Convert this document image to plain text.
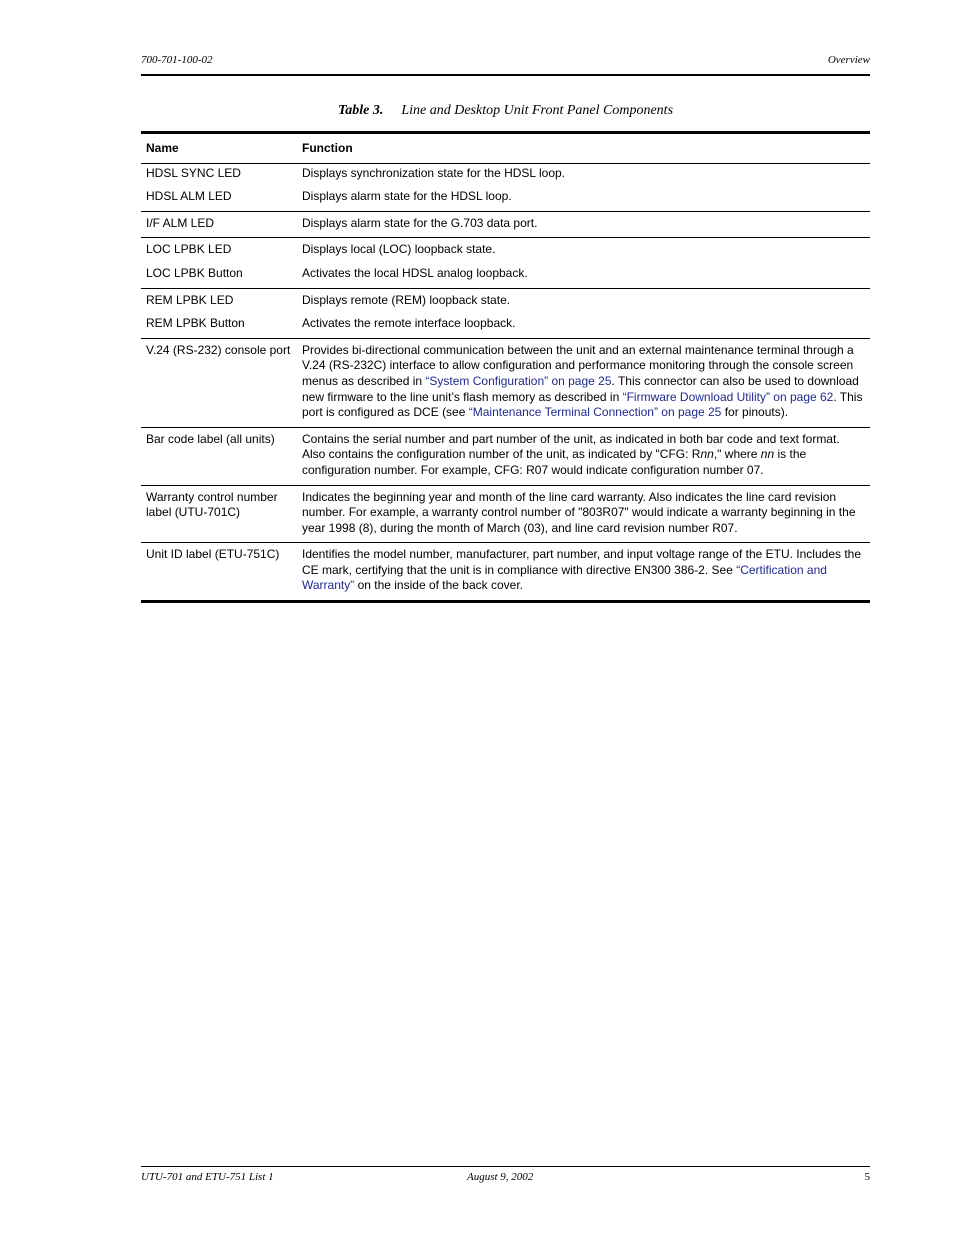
700-701-100-02	Overview
Table 3. Line and Desktop Unit Front Panel Components
Name	Function
HDSL SYNC LED	Displays synchronization state for the HDSL loop.
HDSL ALM LED	Displays alarm state for the HDSL loop.
I/F ALM LED	Displays alarm state for the G.703 data port.
LOC LPBK LED	Displays local (LOC) loopback state.
LOC LPBK Button	Activates the local HDSL analog loopback.
REM LPBK LED	Displays remote (REM) loopback state.
REM LPBK Button	Activates the remote interface loopback.
V.24 (RS-232) console port	Provides bi-directional communication between the unit and an external maintenance terminal through a V.24 (RS-232C) interface to allow configuration and performance monitoring through the console screen menus as described in “System Configuration” on page 25. This connector can also be used to download new firmware to the line unit’s flash memory as described in “Firmware Download Utility” on page 62. This port is configured as DCE (see “Maintenance Terminal Connection” on page 25 for pinouts).
Bar code label (all units)	Contains the serial number and part number of the unit, as indicated in both bar code and text format. Also contains the configuration number of the unit, as indicated by "CFG: Rnn," where nn is the configuration number. For example, CFG: R07 would indicate configuration number 07.
Warranty control number label (UTU-701C)	Indicates the beginning year and month of the line card warranty. Also indicates the line card revision number. For example, a warranty control number of "803R07" would indicate a warranty beginning in the year 1998 (8), during the month of March (03), and line card revision number R07.
Unit ID label (ETU-751C)	Identifies the model number, manufacturer, part number, and input voltage range of the ETU. Includes the CE mark, certifying that the unit is in compliance with directive EN300 386-2. See “Certification and Warranty” on the inside of the back cover.
UTU-701 and ETU-751 List 1	August 9, 2002	5
